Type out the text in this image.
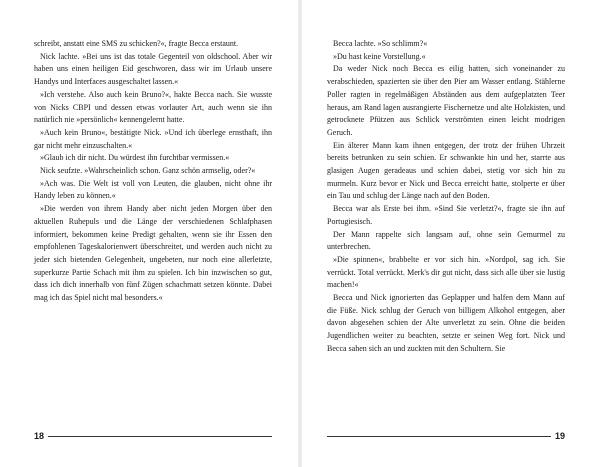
schreibt, anstatt eine SMS zu schicken?«, fragte Becca erstaunt.

Nick lachte. »Bei uns ist das totale Gegenteil von oldschool. Aber wir haben uns einen heiligen Eid geschworen, dass wir im Urlaub unsere Handys und Interfaces ausgeschaltet lassen.«

»Ich verstehe. Also auch kein Bruno?«, hakte Becca nach. Sie wusste von Nicks CBPI und dessen etwas vorlauter Art, auch wenn sie ihn natürlich nie »persönlich« kennengelernt hatte.

»Auch kein Bruno«, bestätigte Nick. »Und ich überlege ernsthaft, ihn gar nicht mehr einzuschalten.«

»Glaub ich dir nicht. Du würdest ihn furchtbar vermissen.«

Nick seufzte. »Wahrscheinlich schon. Ganz schön armselig, oder?«

»Ach was. Die Welt ist voll von Leuten, die glauben, nicht ohne ihr Handy leben zu können.«

»Die werden von ihrem Handy aber nicht jeden Morgen über den aktuellen Ruhepuls und die Länge der verschiedenen Schlafphasen informiert, bekommen keine Predigt gehalten, wenn sie ihr Essen den empfohlenen Tageskalorienwert überschreitet, und werden auch nicht zu jeder sich bietenden Gelegenheit, ungebeten, nur noch eine allerletzte, superkurze Partie Schach mit ihm zu spielen. Ich bin inzwischen so gut, dass ich dich innerhalb von fünf Zügen schachmatt setzen könnte. Dabei mag ich das Spiel nicht mal besonders.«

Becca lachte. »So schlimm?«

»Du hast keine Vorstellung.«

Da weder Nick noch Becca es eilig hatten, sich voneinander zu verabschieden, spazierten sie über den Pier am Wasser entlang. Stählerne Poller ragten in regelmäßigen Abständen aus dem aufgeplatzten Teer heraus, am Rand lagen ausrangierte Fischernetze und alte Holzkisten, und getrocknete Pfützen aus Schlick verströmten einen leicht modrigen Geruch.

Ein älterer Mann kam ihnen entgegen, der trotz der frühen Uhrzeit bereits betrunken zu sein schien. Er schwankte hin und her, starrte aus glasigen Augen geradeaus und schien dabei, stetig vor sich hin zu murmeln. Kurz bevor er Nick und Becca erreicht hatte, stolperte er über ein Tau und schlug der Länge nach auf den Boden.

Becca war als Erste bei ihm. »Sind Sie verletzt?«, fragte sie ihn auf Portugiesisch.

Der Mann rappelte sich langsam auf, ohne sein Gemurmel zu unterbrechen.

»Die spinnen«, brabbelte er vor sich hin. »Nordpol, sag ich. Sie verrückt. Total verrückt. Merk's dir gut nicht, dass sich alle über sie lustig machen!«

Becca und Nick ignorierten das Geplapper und halfen dem Mann auf die Füße. Nick schlug der Geruch von billigem Alkohol entgegen, aber davon abgesehen schien der Alte unverletzt zu sein. Ohne die beiden Jugendlichen weiter zu beachten, setzte er seinen Weg fort. Nick und Becca sahen sich an und zuckten mit den Schultern. Sie

18	19
